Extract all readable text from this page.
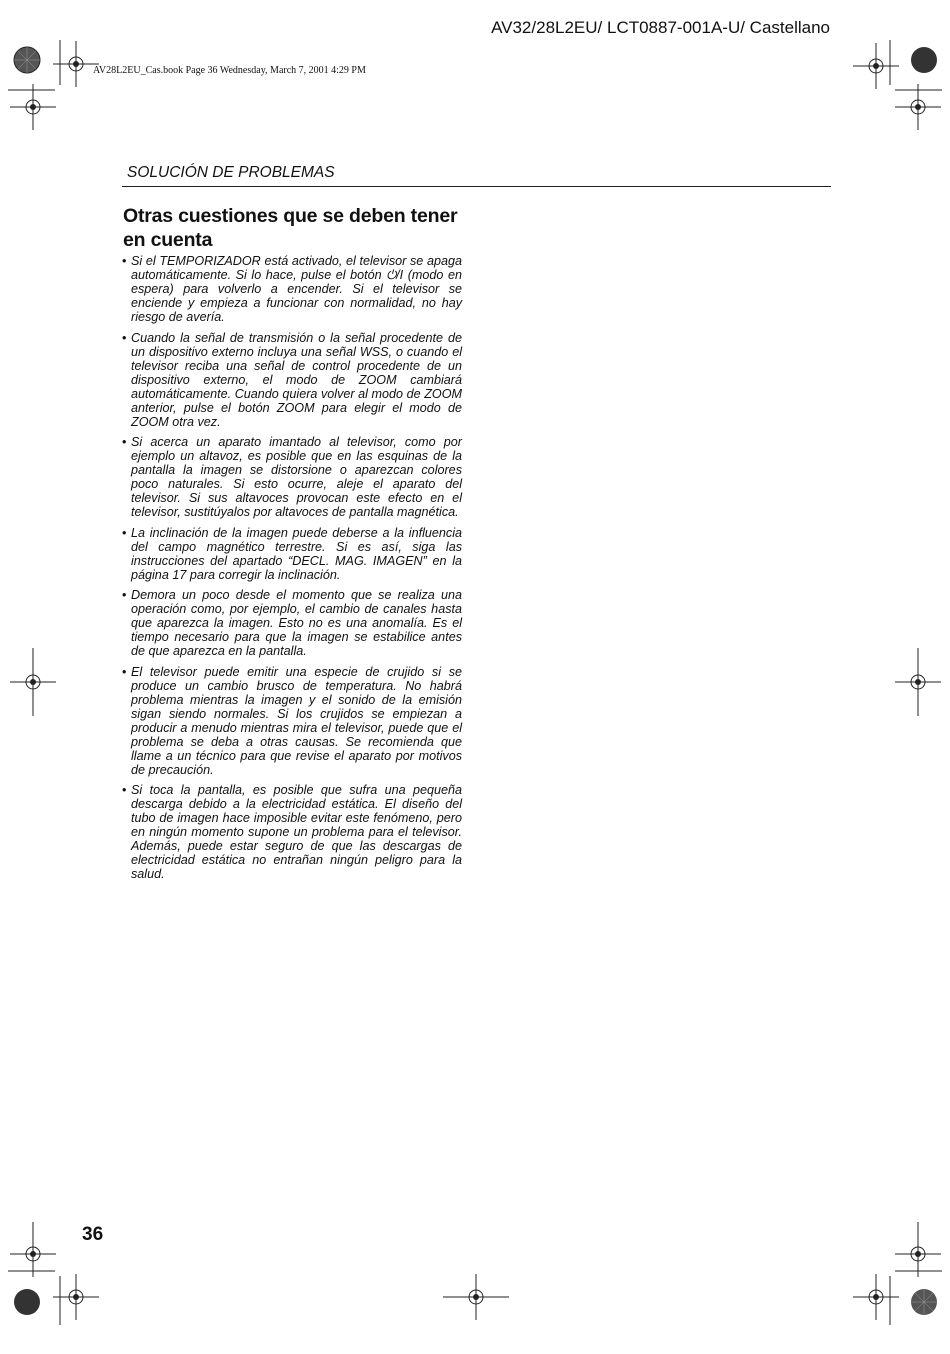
AV32/28L2EU/ LCT0887-001A-U/ Castellano
AV28L2EU_Cas.book Page 36 Wednesday, March 7, 2001 4:29 PM
SOLUCIÓN DE PROBLEMAS
Otras cuestiones que se deben tener en cuenta
• Si el TEMPORIZADOR está activado, el televisor se apaga automáticamente. Si lo hace, pulse el botón ⏻/I (modo en espera) para volverlo a encender. Si el televisor se enciende y empieza a funcionar con normalidad, no hay riesgo de avería.
• Cuando la señal de transmisión o la señal procedente de un dispositivo externo incluya una señal WSS, o cuando el televisor reciba una señal de control procedente de un dispositivo externo, el modo de ZOOM cambiará automáticamente. Cuando quiera volver al modo de ZOOM anterior, pulse el botón ZOOM para elegir el modo de ZOOM otra vez.
• Si acerca un aparato imantado al televisor, como por ejemplo un altavoz, es posible que en las esquinas de la pantalla la imagen se distorsione o aparezcan colores poco naturales. Si esto ocurre, aleje el aparato del televisor. Si sus altavoces provocan este efecto en el televisor, sustitúyalos por altavoces de pantalla magnética.
• La inclinación de la imagen puede deberse a la influencia del campo magnético terrestre. Si es así, siga las instrucciones del apartado “DECL. MAG. IMAGEN” en la página 17 para corregir la inclinación.
• Demora un poco desde el momento que se realiza una operación como, por ejemplo, el cambio de canales hasta que aparezca la imagen. Esto no es una anomalía. Es el tiempo necesario para que la imagen se estabilice antes de que aparezca en la pantalla.
• El televisor puede emitir una especie de crujido si se produce un cambio brusco de temperatura. No habrá problema mientras la imagen y el sonido de la emisión sigan siendo normales. Si los crujidos se empiezan a producir a menudo mientras mira el televisor, puede que el problema se deba a otras causas. Se recomienda que llame a un técnico para que revise el aparato por motivos de precaución.
• Si toca la pantalla, es posible que sufra una pequeña descarga debido a la electricidad estática. El diseño del tubo de imagen hace imposible evitar este fenómeno, pero en ningún momento supone un problema para el televisor. Además, puede estar seguro de que las descargas de electricidad estática no entrañan ningún peligro para la salud.
36
